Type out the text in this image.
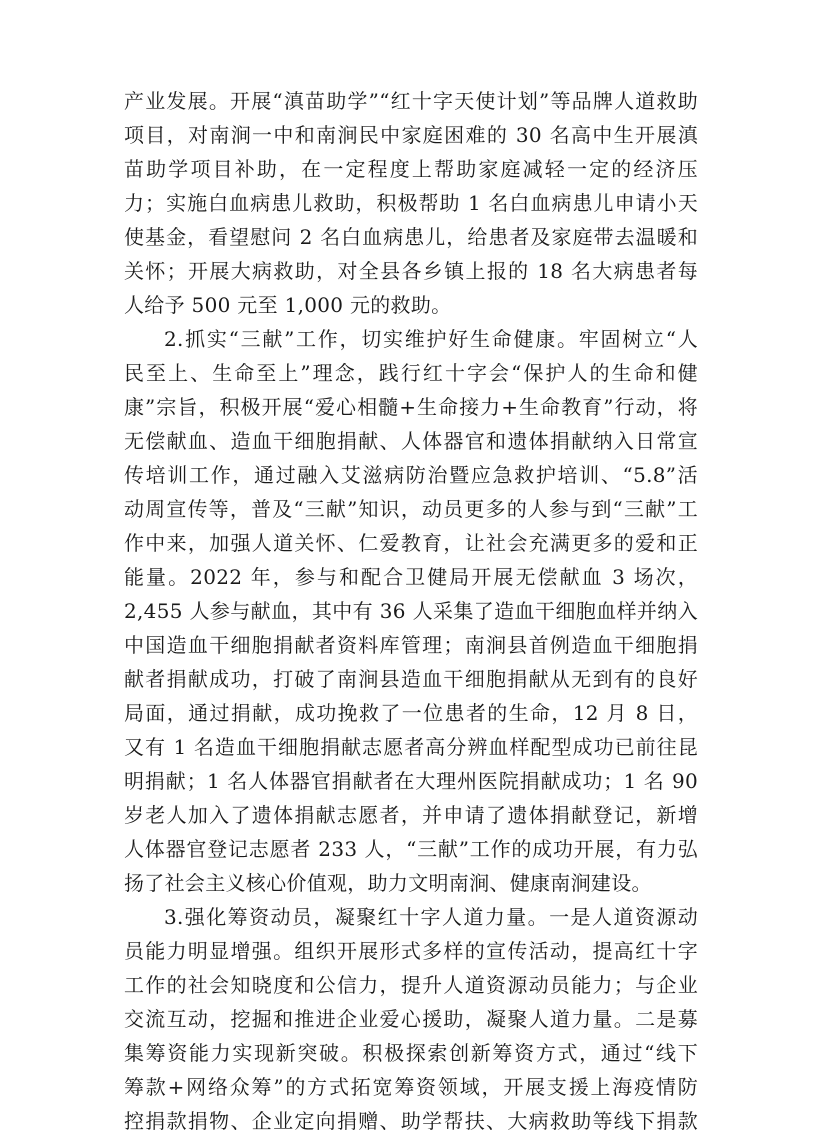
产业发展。开展“滇苗助学”“红十字天使计划”等品牌人道救助
项目，对南涧一中和南涧民中家庭困难的 30 名高中生开展滇
苗助学项目补助，在一定程度上帮助家庭减轻一定的经济压
力；实施白血病患儿救助，积极帮助 1 名白血病患儿申请小天
使基金，看望慰问 2 名白血病患儿，给患者及家庭带去温暖和
关怀；开展大病救助，对全县各乡镇上报的 18 名大病患者每
人给予 500 元至 1,000 元的救助。
2.抓实“三献”工作，切实维护好生命健康。牢固树立“人
民至上、生命至上”理念，践行红十字会“保护人的生命和健
康”宗旨，积极开展“爱心相髓+生命接力+生命教育”行动，将
无偿献血、造血干细胞捐献、人体器官和遗体捐献纳入日常宣
传培训工作，通过融入艾滋病防治暨应急救护培训、“5.8”活
动周宣传等，普及“三献”知识，动员更多的人参与到“三献”工
作中来，加强人道关怀、仁爱教育，让社会充满更多的爱和正
能量。2022 年，参与和配合卫健局开展无偿献血 3 场次，
2,455 人参与献血，其中有 36 人采集了造血干细胞血样并纳入
中国造血干细胞捐献者资料库管理；南涧县首例造血干细胞捐
献者捐献成功，打破了南涧县造血干细胞捐献从无到有的良好
局面，通过捐献，成功挽救了一位患者的生命，12 月 8 日，
又有 1 名造血干细胞捐献志愿者高分辨血样配型成功已前往昆
明捐献；1 名人体器官捐献者在大理州医院捐献成功；1 名 90
岁老人加入了遗体捐献志愿者，并申请了遗体捐献登记，新增
人体器官登记志愿者 233 人，“三献”工作的成功开展，有力弘
扬了社会主义核心价值观，助力文明南涧、健康南涧建设。
3.强化筹资动员，凝聚红十字人道力量。一是人道资源动
员能力明显增强。组织开展形式多样的宣传活动，提高红十字
工作的社会知晓度和公信力，提升人道资源动员能力；与企业
交流互动，挖掘和推进企业爱心援助，凝聚人道力量。二是募
集筹资能力实现新突破。积极探索创新筹资方式，通过“线下
筹款+网络众筹”的方式拓宽筹资领域，开展支援上海疫情防
控捐款捐物、企业定向捐赠、助学帮扶、大病救助等线下捐款
